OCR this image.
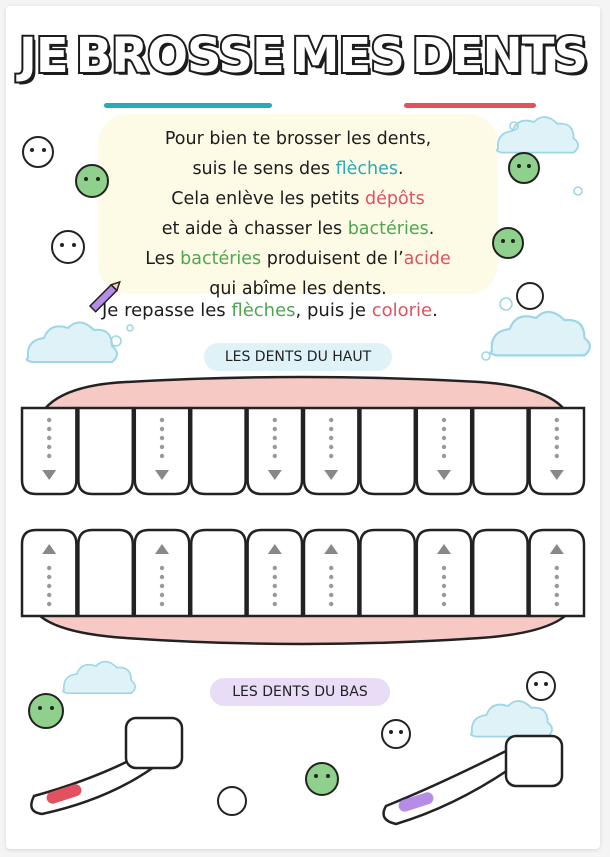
JE BROSSE MES DENTS
Pour bien te brosser les dents,
suis le sens des flèches.
Cela enlève les petits dépôts
et aide à chasser les bactéries.
Les bactéries produisent de l’acide
qui abîme les dents.
Je repasse les flèches, puis je colorie.
LES DENTS DU HAUT
LES DENTS DU BAS
